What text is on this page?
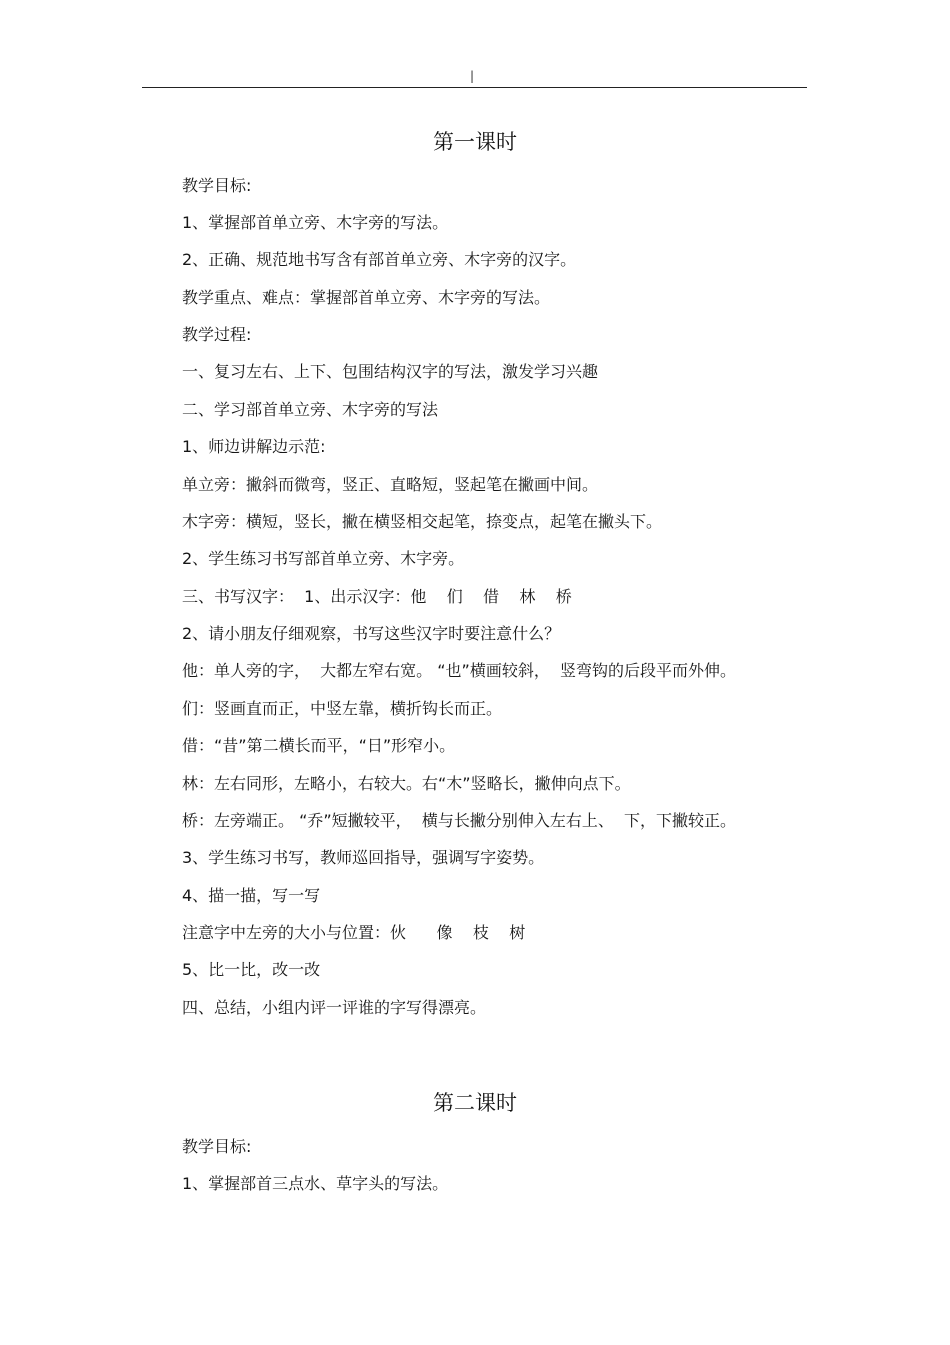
|
第一课时
教学目标:
1、掌握部首单立旁、木字旁的写法。
2、正确、规范地书写含有部首单立旁、木字旁的汉字。
教学重点、难点：掌握部首单立旁、木字旁的写法。
教学过程:
一、复习左右、上下、包围结构汉字的写法，激发学习兴趣
二、学习部首单立旁、木字旁的写法
1、师边讲解边示范:
单立旁：撇斜而微弯，竖正、直略短，竖起笔在撇画中间。
木字旁：横短，竖长，撇在横竖相交起笔，捺变点，起笔在撇头下。
2、学生练习书写部首单立旁、木字旁。
三、书写汉字：  1、出示汉字：他    们    借    林    桥
2、请小朋友仔细观察，书写这些汉字时要注意什么？
他：单人旁的字，  大都左窄右宽。 “也”横画较斜，  竖弯钩的后段平而外伸。
们：竖画直而正，中竖左靠，横折钩长而正。
借：“昔”第二横长而平，“日”形窄小。
林：左右同形，左略小，右较大。右“木”竖略长，撇伸向点下。
桥：左旁端正。 “乔”短撇较平，  横与长撇分别伸入左右上、  下，下撇较正。
3、学生练习书写，教师巡回指导，强调写字姿势。
4、描一描，写一写
注意字中左旁的大小与位置：伙      像    枝    树
5、比一比，改一改
四、总结，小组内评一评谁的字写得漂亮。
第二课时
教学目标:
1、掌握部首三点水、草字头的写法。
